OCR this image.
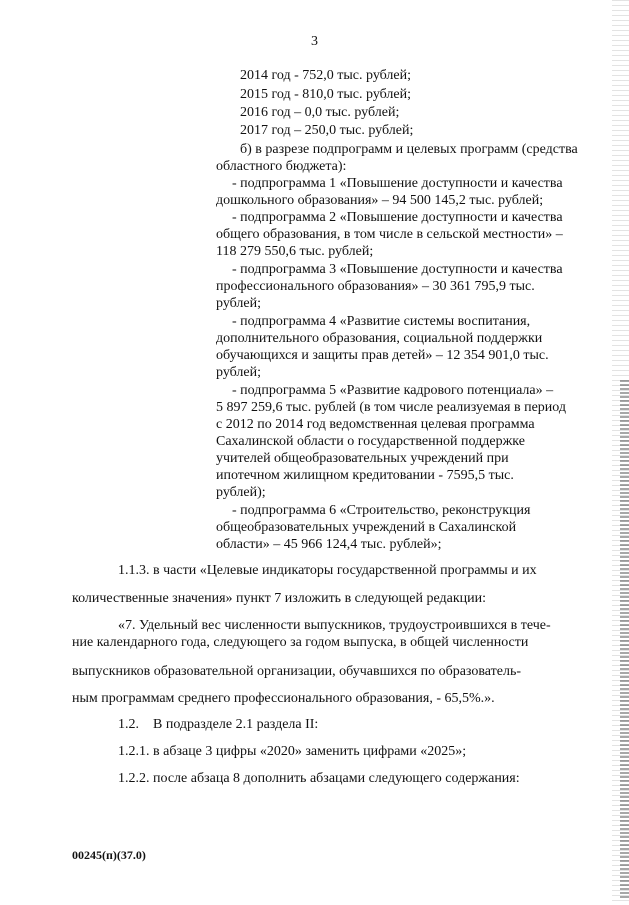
3
2014 год - 752,0 тыс. рублей;
2015 год - 810,0 тыс. рублей;
2016 год – 0,0 тыс. рублей;
2017 год – 250,0 тыс. рублей;
б) в разрезе подпрограмм и целевых программ (средства
областного бюджета):
- подпрограмма 1 «Повышение доступности и качества
дошкольного образования» – 94 500 145,2 тыс. рублей;
- подпрограмма 2 «Повышение доступности и качества
общего образования, в том числе в сельской местности» –
118 279 550,6 тыс. рублей;
- подпрограмма 3 «Повышение доступности и качества
профессионального образования» – 30 361 795,9 тыс.
рублей;
- подпрограмма 4 «Развитие системы воспитания,
дополнительного образования, социальной поддержки
обучающихся и защиты прав детей» – 12 354 901,0 тыс.
рублей;
- подпрограмма 5 «Развитие кадрового потенциала» –
5 897 259,6 тыс. рублей (в том числе реализуемая в период
с 2012 по 2014 год ведомственная целевая программа
Сахалинской области о государственной поддержке
учителей общеобразовательных учреждений при
ипотечном жилищном кредитовании - 7595,5 тыс.
рублей);
- подпрограмма 6 «Строительство, реконструкция
общеобразовательных учреждений в Сахалинской
области» – 45 966 124,4 тыс. рублей»;
1.1.3. в части «Целевые индикаторы государственной программы и их
количественные значения» пункт 7 изложить в следующей редакции:
«7. Удельный вес численности выпускников, трудоустроившихся в тече-
ние календарного года, следующего за годом выпуска, в общей численности
выпускников образовательной организации, обучавшихся по образователь-
ным программам среднего профессионального образования, - 65,5%.».
1.2.    В подразделе 2.1 раздела II:
1.2.1. в абзаце 3 цифры «2020» заменить цифрами «2025»;
1.2.2. после абзаца 8 дополнить абзацами следующего содержания:
00245(п)(37.0)
